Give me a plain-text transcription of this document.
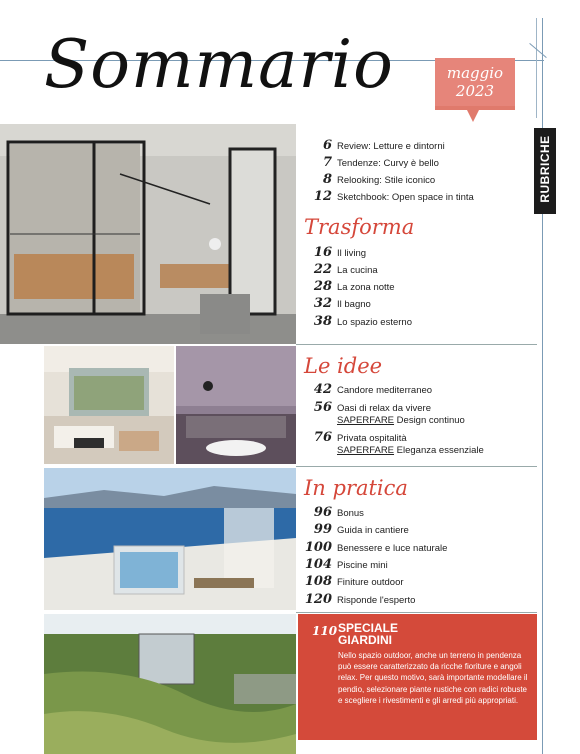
Sommario	maggio
2023
RUBRICHE
6 Review: Letture e dintorni
7 Tendenze: Curvy è bello
8 Relooking: Stile iconico
12 Sketchbook: Open space in tinta
Trasforma
16 Il living
22 La cucina
28 La zona notte
32 Il bagno
38 Lo spazio esterno
Le idee
42 Candore mediterraneo
56 Oasi di relax da vivere
SAPERFARE Design continuo
76 Privata ospitalità
SAPERFARE Eleganza essenziale
In pratica
96 Bonus
99 Guida in cantiere
100 Benessere e luce naturale
104 Piscine mini
108 Finiture outdoor
120 Risponde l'esperto
110 SPECIALE
GIARDINI
Nello spazio outdoor, anche un terreno in pendenza può essere caratterizzato da ricche fioriture e angoli relax. Per questo motivo, sarà importante modellare il pendio, selezionare piante rustiche con radici robuste e scegliere i rivestimenti e gli arredi più appropriati.
